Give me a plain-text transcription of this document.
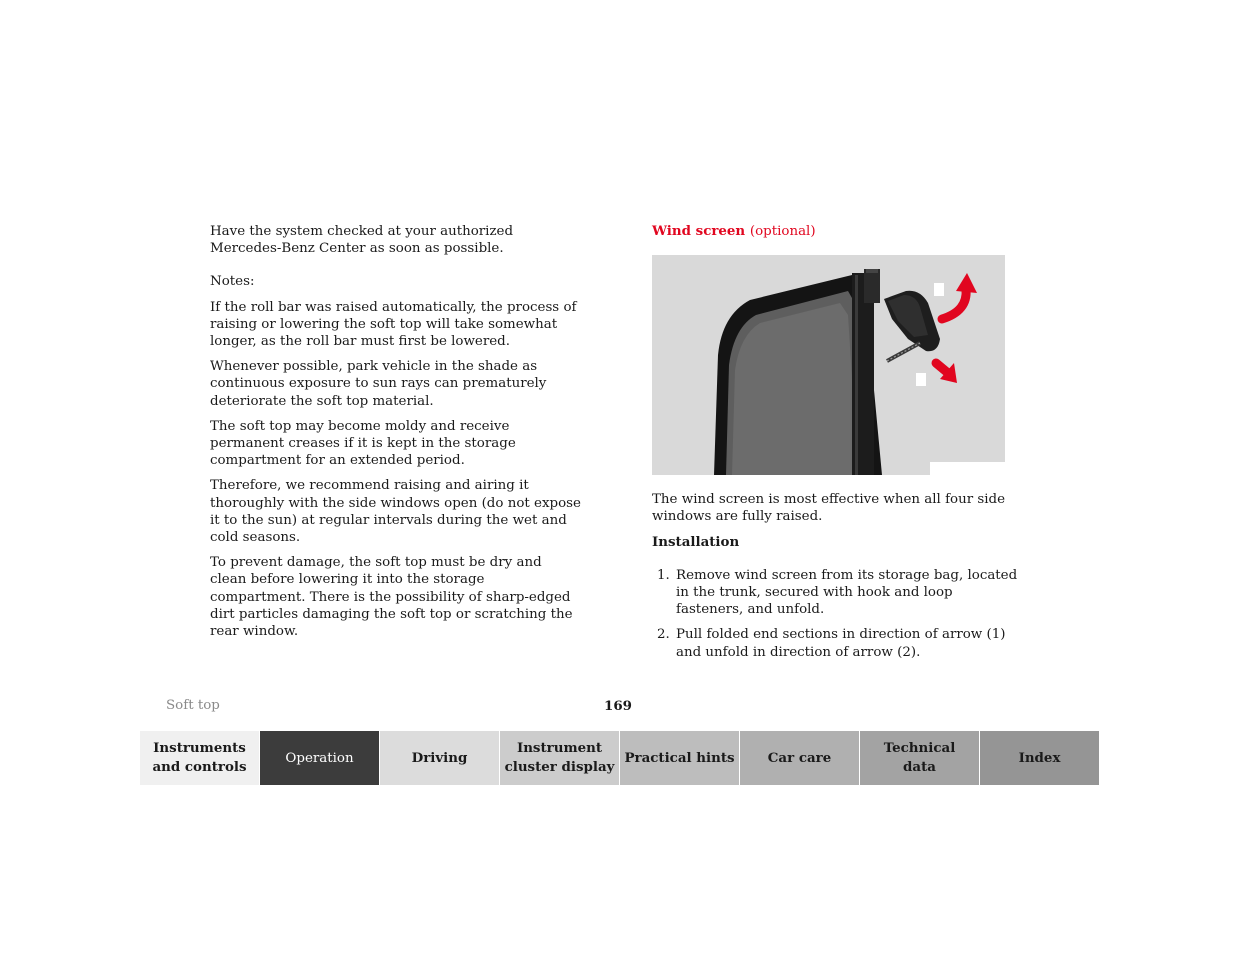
Have the system checked at your authorized Mercedes-Benz Center as soon as possible.

Notes:

If the roll bar was raised automatically, the process of raising or lowering the soft top will take somewhat longer, as the roll bar must first be lowered.

Whenever possible, park vehicle in the shade as continuous exposure to sun rays can prematurely deteriorate the soft top material.

The soft top may become moldy and receive permanent creases if it is kept in the storage compartment for an extended period.

Therefore, we recommend raising and airing it thoroughly with the side windows open (do not expose it to the sun) at regular intervals during the wet and cold seasons.

To prevent damage, the soft top must be dry and clean before lowering it into the storage compartment. There is the possibility of sharp-edged dirt particles damaging the soft top or scratching the rear window.

Wind screen (optional)

The wind screen is most effective when all four side windows are fully raised.

Installation
1. Remove wind screen from its storage bag, located in the trunk, secured with hook and loop fasteners, and unfold.
2. Pull folded end sections in direction of arrow (1) and unfold in direction of arrow (2).
Soft top	169
Instruments
and controls
Operation	Driving
Instrument
cluster display
Practical hints Car care
Technical
data
Index
